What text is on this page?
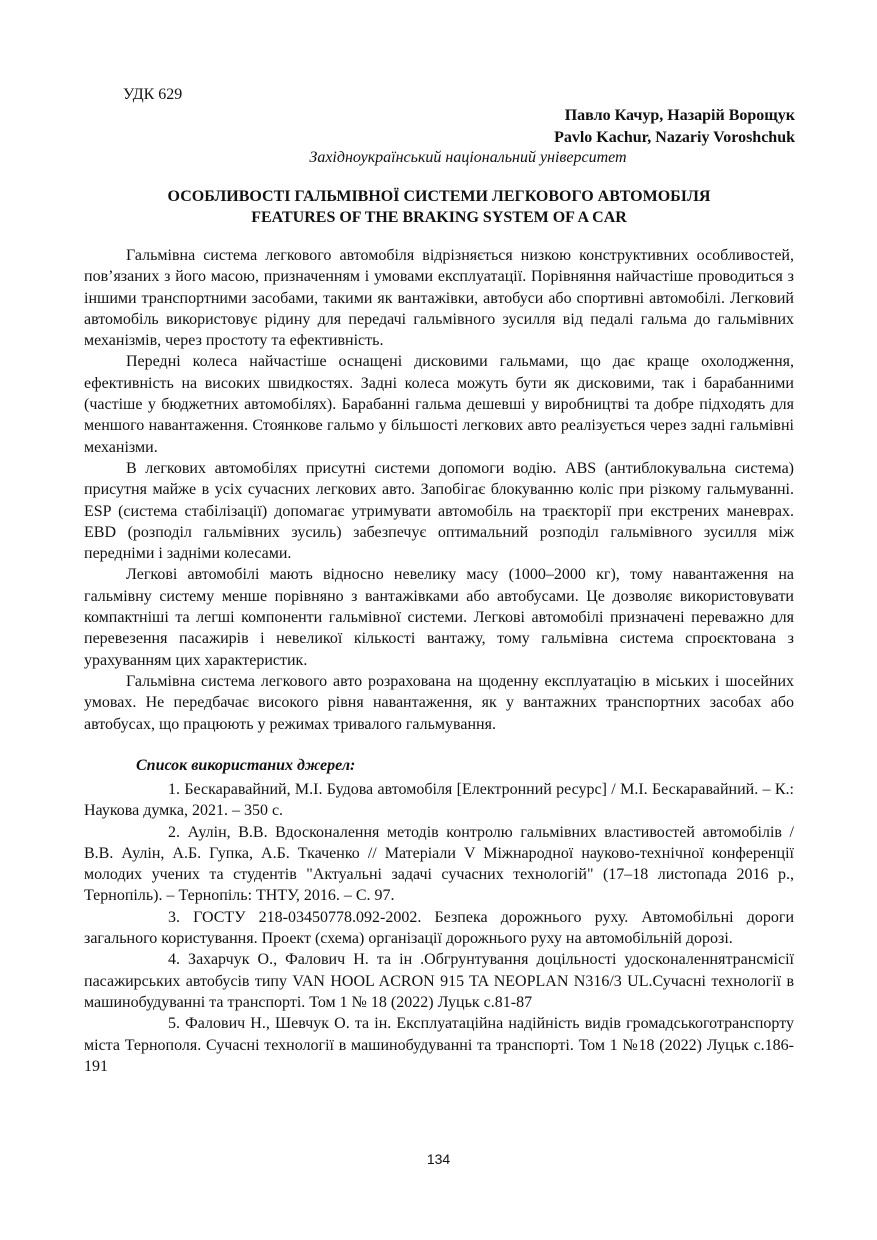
УДК 629
Павло Качур, Назарій Ворощук
Pavlo Kachur, Nazariy Voroshchuk
Західноукраїнський національний університет
ОСОБЛИВОСТІ ГАЛЬМІВНОЇ СИСТЕМИ ЛЕГКОВОГО АВТОМОБІЛЯ
FEATURES OF THE BRAKING SYSTEM OF A CAR

Гальмівна система легкового автомобіля відрізняється низкою конструктивних особливостей, пов’язаних з його масою, призначенням і умовами експлуатації. Порівняння найчастіше проводиться з іншими транспортними засобами, такими як вантажівки, автобуси або спортивні автомобілі. Легковий автомобіль використовує рідину для передачі гальмівного зусилля від педалі гальма до гальмівних механізмів, через простоту та ефективність.

Передні колеса найчастіше оснащені дисковими гальмами, що дає краще охолодження, ефективність на високих швидкостях. Задні колеса можуть бути як дисковими, так і барабанними (частіше у бюджетних автомобілях). Барабанні гальма дешевші у виробництві та добре підходять для меншого навантаження. Стоянкове гальмо у більшості легкових авто реалізується через задні гальмівні механізми.

В легкових автомобілях присутні системи допомоги водію. ABS (антиблокувальна система) присутня майже в усіх сучасних легкових авто. Запобігає блокуванню коліс при різкому гальмуванні. ESP (система стабілізації) допомагає утримувати автомобіль на траєкторії при екстрених маневрах. EBD (розподіл гальмівних зусиль) забезпечує оптимальний розподіл гальмівного зусилля між передніми і задніми колесами.

Легкові автомобілі мають відносно невелику масу (1000–2000 кг), тому навантаження на гальмівну систему менше порівняно з вантажівками або автобусами. Це дозволяє використовувати компактніші та легші компоненти гальмівної системи. Легкові автомобілі призначені переважно для перевезення пасажирів і невеликої кількості вантажу, тому гальмівна система спроєктована з урахуванням цих характеристик.

Гальмівна система легкового авто розрахована на щоденну експлуатацію в міських і шосейних умовах. Не передбачає високого рівня навантаження, як у вантажних транспортних засобах або автобусах, що працюють у режимах тривалого гальмування.

Список використаних джерел:

1. Бескаравайний, М.І. Будова автомобіля [Електронний ресурс] / М.І. Бескаравайний. – К.: Наукова думка, 2021. – 350 с.

2. Аулін, В.В. Вдосконалення методів контролю гальмівних властивостей автомобілів / В.В. Аулін, А.Б. Гупка, А.Б. Ткаченко // Матеріали V Міжнародної науково-технічної конференції молодих учених та студентів "Актуальні задачі сучасних технологій" (17–18 листопада 2016 р., Тернопіль). – Тернопіль: ТНТУ, 2016. – С. 97.

3. ГОСТУ 218-03450778.092-2002. Безпека дорожнього руху. Автомобільні дороги загального користування. Проект (схема) організації дорожнього руху на автомобільній дорозі.

4. Захарчук О., Фалович Н. та ін .Обгрунтування доцільності удосконаленнятрансмісії пасажирських автобусів типу VAN HOOL ACRON 915 TA NEOPLAN N316/3 UL.Сучасні технології в машинобудуванні та транспорті. Том 1 № 18 (2022) Луцьк с.81-87

5. Фалович Н., Шевчук О. та ін. Експлуатаційна надійність видів громадськоготранспорту міста Тернополя. Сучасні технології в машинобудуванні та транспорті. Том 1 №18 (2022) Луцьк с.186-191

134
